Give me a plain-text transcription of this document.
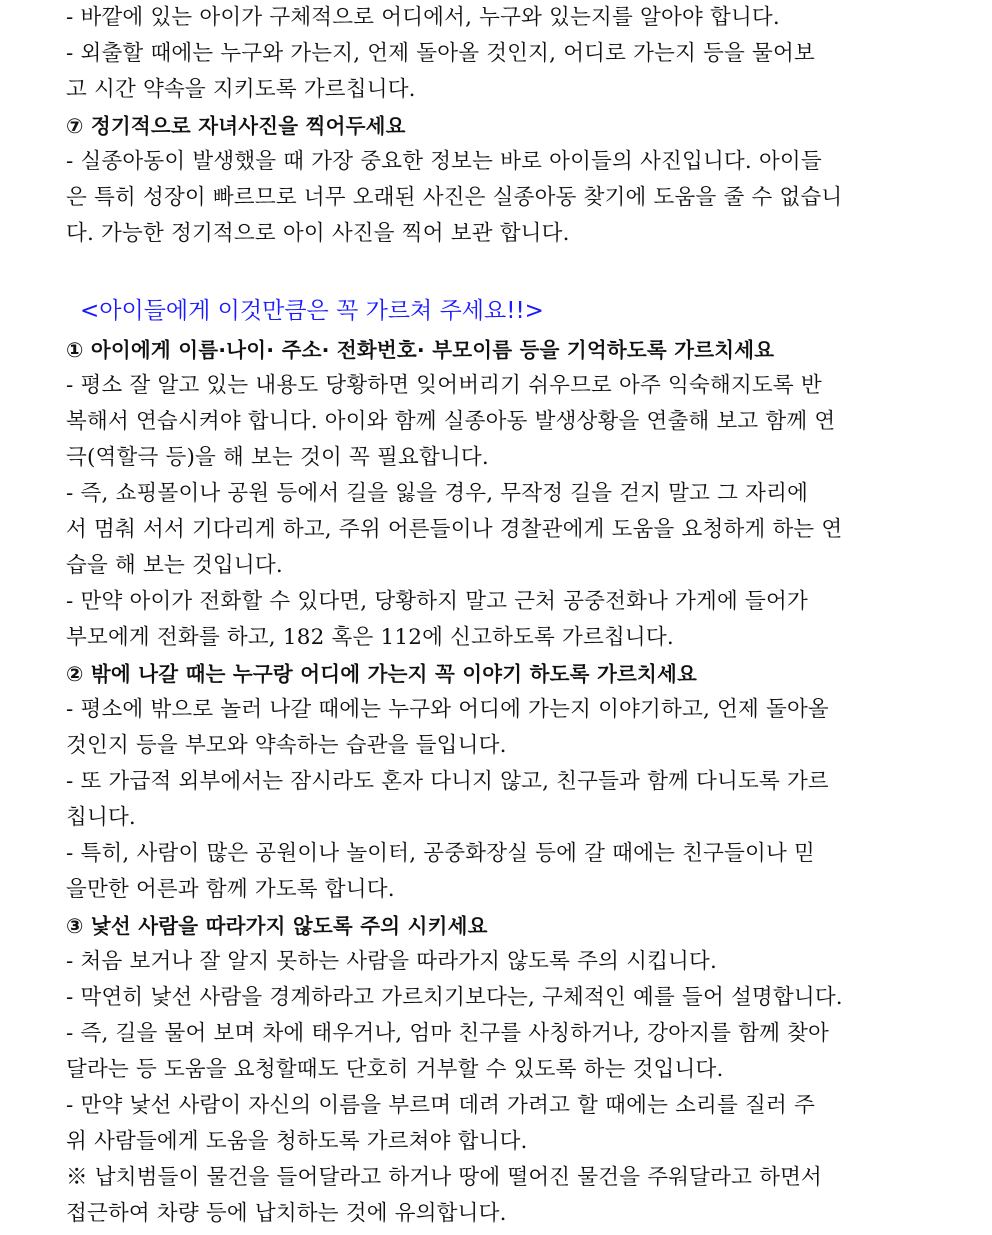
- 바깥에 있는 아이가 구체적으로 어디에서, 누구와 있는지를 알아야 합니다.
- 외출할 때에는 누구와 가는지, 언제 돌아올 것인지, 어디로 가는지 등을 물어보
고 시간 약속을 지키도록 가르칩니다.
⑦ 정기적으로 자녀사진을 찍어두세요
- 실종아동이 발생했을 때 가장 중요한 정보는 바로 아이들의 사진입니다. 아이들
은 특히 성장이 빠르므로 너무 오래된 사진은 실종아동 찾기에 도움을 줄 수 없습니
다. 가능한 정기적으로 아이 사진을 찍어 보관 합니다.
<아이들에게 이것만큼은 꼭 가르쳐 주세요!!>
① 아이에게 이름·나이· 주소· 전화번호· 부모이름 등을 기억하도록 가르치세요
- 평소 잘 알고 있는 내용도 당황하면 잊어버리기 쉬우므로 아주 익숙해지도록 반
복해서 연습시켜야 합니다. 아이와 함께 실종아동 발생상황을 연출해 보고 함께 연
극(역할극 등)을 해 보는 것이 꼭 필요합니다.
- 즉, 쇼핑몰이나 공원 등에서 길을 잃을 경우, 무작정 길을 걷지 말고 그 자리에
서 멈춰 서서 기다리게 하고, 주위 어른들이나 경찰관에게 도움을 요청하게 하는 연
습을 해 보는 것입니다.
- 만약 아이가 전화할 수 있다면, 당황하지 말고 근처 공중전화나 가게에 들어가
부모에게 전화를 하고, 182 혹은 112에 신고하도록 가르칩니다.
② 밖에 나갈 때는 누구랑 어디에 가는지 꼭 이야기 하도록 가르치세요
- 평소에 밖으로 놀러 나갈 때에는 누구와 어디에 가는지 이야기하고, 언제 돌아올
것인지 등을 부모와 약속하는 습관을 들입니다.
- 또 가급적 외부에서는 잠시라도 혼자 다니지 않고, 친구들과 함께 다니도록 가르
칩니다.
- 특히, 사람이 많은 공원이나 놀이터, 공중화장실 등에 갈 때에는 친구들이나 믿
을만한 어른과 함께 가도록 합니다.
③ 낯선 사람을 따라가지 않도록 주의 시키세요
- 처음 보거나 잘 알지 못하는 사람을 따라가지 않도록 주의 시킵니다.
- 막연히 낯선 사람을 경계하라고 가르치기보다는, 구체적인 예를 들어 설명합니다.
- 즉, 길을 물어 보며 차에 태우거나, 엄마 친구를 사칭하거나, 강아지를 함께 찾아
달라는 등 도움을 요청할때도 단호히 거부할 수 있도록 하는 것입니다.
- 만약 낯선 사람이 자신의 이름을 부르며 데려 가려고 할 때에는 소리를 질러 주
위 사람들에게 도움을 청하도록 가르쳐야 합니다.
※ 납치범들이 물건을 들어달라고 하거나 땅에 떨어진 물건을 주워달라고 하면서
접근하여 차량 등에 납치하는 것에 유의합니다.
